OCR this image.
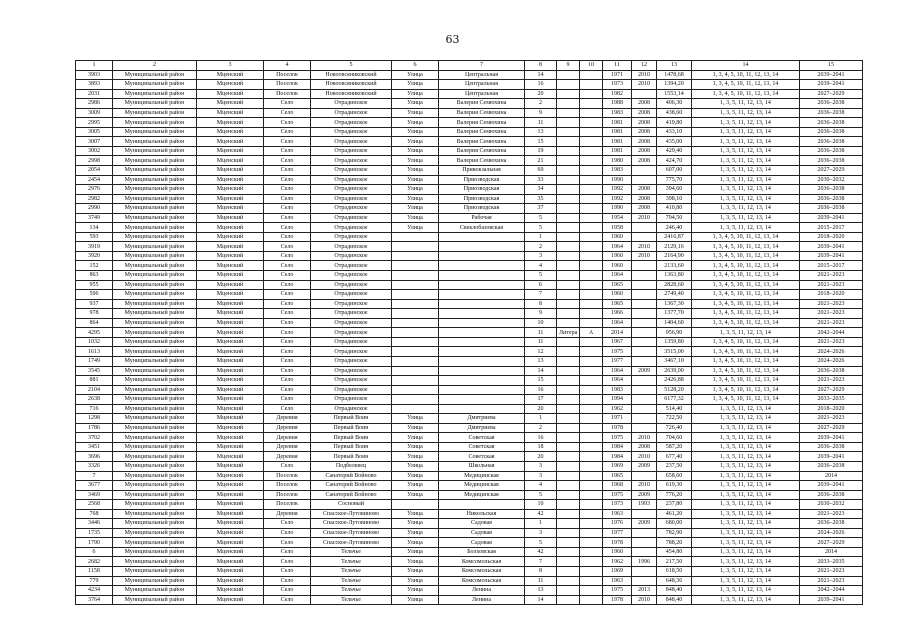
63
1	2	3	4	5	6	7	8	9	10	11	12	13	14	15
3903	Муниципальный район	Мценский	Поселок	Новоовсяниковский	Улица	Центральная	14			1971	2010	1478,68	1, 3, 4, 5, 10, 11, 12, 13, 14	2039–2041
3893	Муниципальный район	Мценский	Поселок	Новоовсяниковский	Улица	Центральная	16			1973	2010	1394,20	1, 3, 4, 5, 10, 11, 12, 13, 14	2039–2041
2031	Муниципальный район	Мценский	Поселок	Новоовсяниковский	Улица	Центральная	20			1982		1553,14	1, 3, 4, 5, 10, 11, 12, 13, 14	2027–2029
2986	Муниципальный район	Мценский	Село	Отрадинское	Улица	Валерия Семюхина	2			1988	2008	406,30	1, 3, 5, 11, 12, 13, 14	2036–2038
3009	Муниципальный район	Мценский	Село	Отрадинское	Улица	Валерия Семюхина	9			1983	2008	438,60	1, 3, 5, 11, 12, 13, 14	2036–2038
2995	Муниципальный район	Мценский	Село	Отрадинское	Улица	Валерия Семюхина	11			1981	2008	419,80	1, 3, 5, 11, 12, 13, 14	2036–2038
3005	Муниципальный район	Мценский	Село	Отрадинское	Улица	Валерия Семюхина	13			1981	2008	433,10	1, 3, 5, 11, 12, 13, 14	2036–2038
3007	Муниципальный район	Мценский	Село	Отрадинское	Улица	Валерия Семюхина	15			1981	2008	435,00	1, 3, 5, 11, 12, 13, 14	2036–2038
3002	Муниципальный район	Мценский	Село	Отрадинское	Улица	Валерия Семюхина	19			1981	2008	429,40	1, 3, 5, 11, 12, 13, 14	2036–2038
2998	Муниципальный район	Мценский	Село	Отрадинское	Улица	Валерия Семюхина	21			1980	2008	424,70	1, 3, 5, 11, 12, 13, 14	2036–2038
2054	Муниципальный район	Мценский	Село	Отрадинское	Улица	Привокзальная	69			1983		607,00	1, 3, 5, 11, 12, 13, 14	2027–2029
2454	Муниципальный район	Мценский	Село	Отрадинское	Улица	Приозводская	33			1990		775,70	1, 3, 5, 11, 12, 13, 14	2030–2032
2976	Муниципальный район	Мценский	Село	Отрадинское	Улица	Приозводская	34			1992	2008	394,60	1, 3, 5, 11, 12, 13, 14	2036–2038
2982	Муниципальный район	Мценский	Село	Отрадинское	Улица	Приозводская	35			1992	2008	398,10	1, 3, 5, 11, 12, 13, 14	2036–2038
2990	Муниципальный район	Мценский	Село	Отрадинское	Улица	Приозводская	37			1990	2008	410,80	1, 3, 5, 11, 12, 13, 14	2036–2038
3749	Муниципальный район	Мценский	Село	Отрадинское	Улица	Рабочая	5			1954	2010	794,50	1, 3, 5, 11, 12, 13, 14	2039–2041
134	Муниципальный район	Мценский	Село	Отрадинское	Улица	Свеклобазовская	5			1958		246,40	1, 3, 5, 11, 12, 13, 14	2015–2017
593	Муниципальный район	Мценский	Село	Отрадинское			1			1960		2416,87	1, 3, 4, 5, 10, 11, 12, 13, 14	2018–2020
3919	Муниципальный район	Мценский	Село	Отрадинское			2			1964	2010	2129,16	1, 3, 4, 5, 10, 11, 12, 13, 14	2039–2041
3920	Муниципальный район	Мценский	Село	Отрадинское			3			1960	2010	2164,90	1, 3, 4, 5, 10, 11, 12, 13, 14	2039–2041
152	Муниципальный район	Мценский	Село	Отрадинское			4			1960		2133,60	1, 3, 4, 5, 10, 11, 12, 13, 14	2015–2017
863	Муниципальный район	Мценский	Село	Отрадинское			5			1964		1363,80	1, 3, 4, 5, 10, 11, 12, 13, 14	2021–2023
955	Муниципальный район	Мценский	Село	Отрадинское			6			1965		2828,60	1, 3, 4, 5, 10, 11, 12, 13, 14	2021–2023
596	Муниципальный район	Мценский	Село	Отрадинское			7			1960		2749,40	1, 3, 4, 5, 10, 11, 12, 13, 14	2018–2020
937	Муниципальный район	Мценский	Село	Отрадинское			8			1965		1367,30	1, 3, 4, 5, 10, 11, 12, 13, 14	2021–2023
978	Муниципальный район	Мценский	Село	Отрадинское			9			1966		1377,70	1, 3, 4, 5, 10, 11, 12, 13, 14	2021–2023
864	Муниципальный район	Мценский	Село	Отрадинское			10			1964		1404,60	1, 3, 4, 5, 10, 11, 12, 13, 14	2021–2023
4295	Муниципальный район	Мценский	Село	Отрадинское			11	Литера	А	2014		956,90	1, 3, 5, 11, 12, 13, 14	2042–2044
1032	Муниципальный район	Мценский	Село	Отрадинское			11			1967		1359,80	1, 3, 4, 5, 10, 11, 12, 13, 14	2021–2023
1613	Муниципальный район	Мценский	Село	Отрадинское			12			1975		3515,00	1, 3, 4, 5, 10, 11, 12, 13, 14	2024–2026
1749	Муниципальный район	Мценский	Село	Отрадинское			13			1977		3467,10	1, 3, 4, 5, 10, 11, 12, 13, 14	2024–2026
3545	Муниципальный район	Мценский	Село	Отрадинское			14			1964	2009	2639,00	1, 3, 4, 5, 10, 11, 12, 13, 14	2036–2038
881	Муниципальный район	Мценский	Село	Отрадинское			15			1964		2426,88	1, 3, 4, 5, 10, 11, 12, 13, 14	2021–2023
2104	Муниципальный район	Мценский	Село	Отрадинское			16			1983		5128,20	1, 3, 4, 5, 10, 11, 12, 13, 14	2027–2029
2638	Муниципальный район	Мценский	Село	Отрадинское			17			1994		6177,32	1, 3, 4, 5, 10, 11, 12, 13, 14	2033–2035
716	Муниципальный район	Мценский	Село	Отрадинское			20			1962		514,40	1, 3, 5, 11, 12, 13, 14	2018–2020
1298	Муниципальный район	Мценский	Деревня	Первый Воин	Улица	Дмитриева	1			1971		722,50	1, 3, 5, 11, 12, 13, 14	2021–2023
1786	Муниципальный район	Мценский	Деревня	Первый Воин	Улица	Дмитриева	2			1978		726,40	1, 3, 5, 11, 12, 13, 14	2027–2029
3702	Муниципальный район	Мценский	Деревня	Первый Воин	Улица	Советская	16			1975	2010	704,60	1, 3, 5, 11, 12, 13, 14	2039–2041
3451	Муниципальный район	Мценский	Деревня	Первый Воин	Улица	Советская	18			1984	2008	587,20	1, 3, 5, 11, 12, 13, 14	2036–2038
3696	Муниципальный район	Мценский	Деревня	Первый Воин	Улица	Советская	20			1984	2010	677,40	1, 3, 5, 11, 12, 13, 14	2039–2041
3326	Муниципальный район	Мценский	Село	Подбелевец	Улица	Школьная	3			1969	2009	237,50	1, 3, 5, 11, 12, 13, 14	2036–2038
7	Муниципальный район	Мценский	Поселок	Санаторий Войново	Улица	Медицинская	3			1965		658,60	1, 3, 5, 11, 12, 13, 14	2014
3677	Муниципальный район	Мценский	Поселок	Санаторий Войново	Улица	Медицинская	4			1968	2010	619,30	1, 3, 5, 11, 12, 13, 14	2039–2041
3469	Муниципальный район	Мценский	Поселок	Санаторий Войново	Улица	Медицинская	5			1975	2009	776,20	1, 3, 5, 11, 12, 13, 14	2036–2038
2568	Муниципальный район	Мценский	Поселок	Сосновый			10			1973	1993	237,80	1, 3, 5, 11, 12, 13, 14	2030–2032
768	Муниципальный район	Мценский	Деревня	Спасское-Лутовиново	Улица	Никольская	42			1963		461,20	1, 3, 5, 11, 12, 13, 14	2021–2023
3446	Муниципальный район	Мценский	Село	Спасское-Лутовиново	Улица	Садовая	1			1976	2009	680,00	1, 3, 5, 11, 12, 13, 14	2036–2038
1735	Муниципальный район	Мценский	Село	Спасское-Лутовиново	Улица	Садовая	3			1977		782,90	1, 3, 5, 11, 12, 13, 14	2024–2026
1790	Муниципальный район	Мценский	Село	Спасское-Лутовиново	Улица	Садовая	5			1978		788,20	1, 3, 5, 11, 12, 13, 14	2027–2029
6	Муниципальный район	Мценский	Село	Тельчье	Улица	Болховская	42			1960		454,80	1, 3, 5, 11, 12, 13, 14	2014
2682	Муниципальный район	Мценский	Село	Тельчье	Улица	Комсомольская	7			1962	1996	217,50	1, 3, 5, 11, 12, 13, 14	2033–2035
1158	Муниципальный район	Мценский	Село	Тельчье	Улица	Комсомольская	8			1969		618,50	1, 3, 5, 11, 12, 13, 14	2021–2023
779	Муниципальный район	Мценский	Село	Тельчье	Улица	Комсомольская	11			1963		648,36	1, 3, 5, 11, 12, 13, 14	2021–2023
4234	Муниципальный район	Мценский	Село	Тельчье	Улица	Ленина	13			1975	2013	848,40	1, 3, 5, 11, 12, 13, 14	2042–2044
3764	Муниципальный район	Мценский	Село	Тельчье	Улица	Ленина	14			1978	2010	848,40	1, 3, 5, 11, 12, 13, 14	2039–2041
